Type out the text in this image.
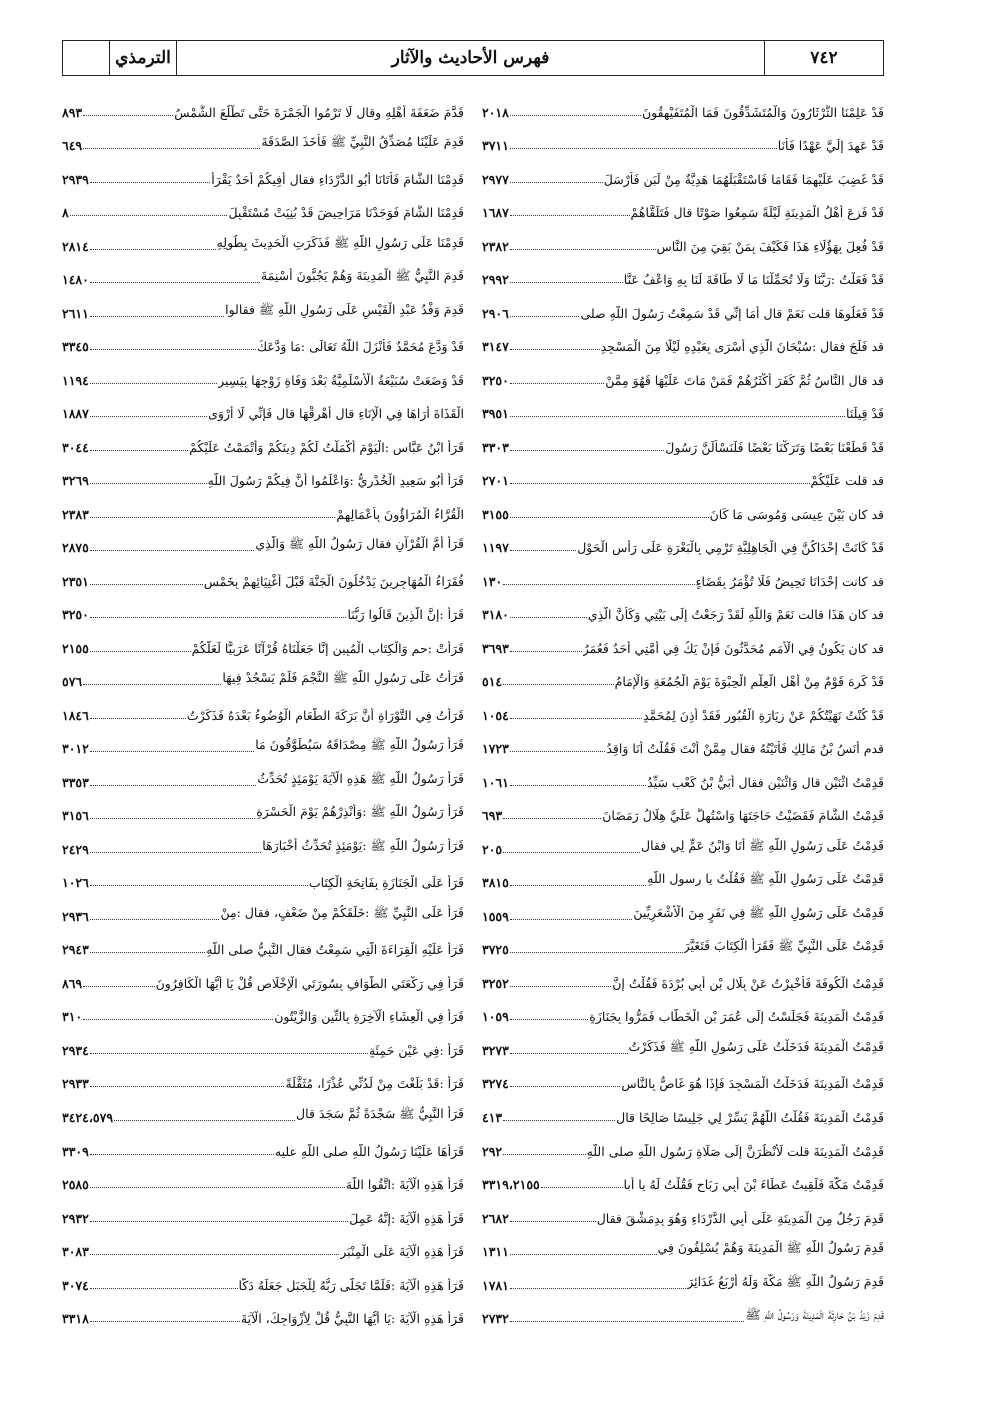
٧٤٢
فهرس الأحاديث والآثار
الترمذي
قَدْ عَلِمْنَا الثَّرْثَارُونَ وَالْمُتَشَدِّقُونَ فَمَا الْمُتَفَيْهِقُونَ
٢٠١٨
قَدْ عَهِدَ إِلَيَّ عَهْدًا فَأَنَا
٣٧١١
قَدْ غَضِبَ عَلَيْهِمَا فَقَامَا فَاسْتَقْبَلَهُمَا هَدِيَّةٌ مِنْ لَبَنٍ فَأَرْسَلَ
٢٩٧٧
قَدْ فَزِعَ أَهْلُ الْمَدِينَةِ لَيْلَةً سَمِعُوا صَوْتًا قال فَتَلَقَّاهُمْ
١٦٨٧
قَدْ فُعِلَ بِهَؤُلَاءِ هَذَا فَكَيْفَ بِمَنْ بَقِيَ مِنَ النَّاسِ
٢٣٨٢
قَدْ فَعَلْتُ :رَبَّنَا وَلَا تُحَمِّلْنَا مَا لَا طَاقَةَ لَنَا بِهِ وَاعْفُ عَنَّا
٢٩٩٢
قَدْ فَعَلُوهَا قلت نَعَمْ قال أَمَا إِنِّي قَدْ سَمِعْتُ رَسُولَ اللَّهِ صلى
٢٩٠٦
قد فَلَجَ فقال :سُبْحَانَ الَّذِي أَسْرَى بِعَبْدِهِ لَيْلًا مِنَ الْمَسْجِدِ
٣١٤٧
قد قال النَّاسُ ثُمَّ كَفَرَ أَكْثَرُهُمْ فَمَنْ مَاتَ عَلَيْهَا فَهُوَ مِمَّنْ
٣٢٥٠
قَدْ قِيلَنَا
٣٩٥١
قَدْ قَطَعْنَا بَعْضًا وَتَرَكْنَا بَعْضًا فَلَنَسْأَلَنَّ رَسُولَ
٣٣٠٣
قد قلت عَلَيْكُمْ
٢٧٠١
قد كان بَيْنَ عِيسَى وَمُوسَى مَا كَانَ
٣١٥٥
قَدْ كَانَتْ إِحْدَاكُنَّ فِي الْجَاهِلِيَّةِ تَرْمِي بِالْبَعْرَةِ عَلَى رَأْسِ الْحَوْلِ
١١٩٧
قد كانت إِحْدَانَا تَحِيضُ فَلَا تُؤْمَرُ بِقَضَاءٍ
١٣٠
قد كان هَذَا قالت نَعَمْ وَاللَّهِ لَقَدْ رَجَعْتُ إِلَى بَيْتِي وَكَأَنَّ الَّذِي
٣١٨٠
قد كان يَكُونُ فِي الْأُمَمِ مُحَدَّثُونَ فَإِنْ يَكُ فِي أُمَّتِي أَحَدٌ فَعُمَرُ
٣٦٩٣
قَدْ كَرِهَ قَوْمٌ مِنْ أَهْلِ الْعِلْمِ الْحِبْوَةَ يَوْمَ الْجُمُعَةِ وَالْإِمَامُ
٥١٤
قَدْ كُنْتُ نَهَيْتُكُمْ عَنْ زِيَارَةِ الْقُبُورِ فَقَدْ أُذِنَ لِمُحَمَّدٍ
١٠٥٤
قدم أَنَسُ بْنُ مَالِكٍ فَأَتَيْتُهُ فقال مِمَّنْ أَنْتَ فَقُلْتُ أَنَا وَاقِدُ
١٧٢٣
قَدِمْتُ اثْنَيْنِ قال وَاثْنَيْنِ فقال أُبَيُّ بْنُ كَعْبٍ سَيِّدُ
١٠٦١
قَدِمْتُ الشَّامَ فَقَضَيْتُ حَاجَتَهَا وَاسْتُهِلَّ عَلَيَّ هِلَالُ رَمَضَانَ
٦٩٣
قَدِمْتُ عَلَى رَسُولِ اللَّهِ ﷺ أَنَا وَابْنُ عَمٍّ لِي فقال
٢٠٥
قَدِمْتُ عَلَى رَسُولِ اللَّهِ ﷺ فَقُلْتُ يا رسول اللَّهِ
٣٨١٥
قَدِمْتُ عَلَى رَسُولِ اللَّهِ ﷺ فِي نَفَرٍ مِنَ الْأَشْعَرِيِّينَ
١٥٥٩
قَدِمْتُ عَلَى النَّبِيِّ ﷺ فَقَرَأَ الْكِتَابَ فَتَغَيَّرَ
٣٧٢٥
قَدِمْتُ الْكُوفَةَ فَأُخْبِرْتُ عَنْ بِلَالِ بْنِ أَبِي بُرْدَةَ فَقُلْتُ إِنَّ
٣٢٥٢
قَدِمْتُ الْمَدِينَةَ فَجَلَسْتُ إِلَى عُمَرَ بْنِ الْخَطَّابِ فَمَرُّوا بِجَنَازَةٍ
١٠٥٩
قَدِمْتُ الْمَدِينَةَ فَدَخَلْتُ عَلَى رَسُولِ اللَّهِ ﷺ فَذَكَرْتُ
٣٢٧٣
قَدِمْتُ الْمَدِينَةَ فَدَخَلْتُ الْمَسْجِدَ فَإِذَا هُوَ غَاصٌّ بِالنَّاسِ
٣٢٧٤
قَدِمْتُ الْمَدِينَةَ فَقُلْتُ اللَّهُمَّ يَسِّرْ لِي جَلِيسًا صَالِحًا قال
٤١٣
قَدِمْتُ الْمَدِينَةَ قلت لَأَنْظُرَنَّ إِلَى صَلَاةِ رَسُولِ اللَّهِ صلى اللَّهِ
٢٩٢
قَدِمْتُ مَكَّةَ فَلَقِيتُ عَطَاءَ بْنَ أَبِي رَبَاحٍ فَقُلْتُ لَهُ يا أبا
٣٣١٩،٢١٥٥
قَدِمَ رَجُلٌ مِنَ الْمَدِينَةِ عَلَى أَبِي الدَّرْدَاءِ وَهُوَ بِدِمَشْقَ فقال
٢٦٨٢
قَدِمَ رَسُولُ اللَّهِ ﷺ الْمَدِينَةَ وَهُمْ يُسْلِفُونَ فِي
١٣١١
قَدِمَ رَسُولُ اللَّهِ ﷺ مَكَّةَ وَلَهُ أَرْبَعُ غَدَائِرَ
١٧٨١
قَدِمَ زَيْدُ بْنُ حَارِثَةَ الْمَدِينَةَ وَرَسُولُ اللَّهِ ﷺ
٢٧٣٢
قَدَّمَ ضَعَفَةَ أَهْلِهِ وقال لَا تَرْمُوا الْجَمْرَةَ حَتَّى تَطْلُعَ الشَّمْسُ
٨٩٣
قَدِمَ عَلَيْنَا مُصَدِّقُ النَّبِيِّ ﷺ فَأَخَذَ الصَّدَقَةَ
٦٤٩
قَدِمْنَا الشَّامَ فَأَتَانَا أَبُو الدَّرْدَاءِ فقال أَفِيكُمْ أَحَدٌ يَقْرَأُ
٢٩٣٩
قَدِمْنَا الشَّامَ فَوَجَدْنَا مَرَاحِيضَ قَدْ بُنِيَتْ مُسْتَقْبِلَ
٨
قَدِمْنَا عَلَى رَسُولِ اللَّهِ ﷺ فَذَكَرَتِ الْحَدِيثَ بِطُولِهِ
٢٨١٤
قَدِمَ النَّبِيُّ ﷺ الْمَدِينَةَ وَهُمْ يَجُبُّونَ أَسْنِمَةَ
١٤٨٠
قَدِمَ وَفْدُ عَبْدِ الْقَيْسِ عَلَى رَسُولِ اللَّهِ ﷺ فقالوا
٢٦١١
قَدْ وَدَّعَ مُحَمَّدٌ فَأَنْزَلَ اللَّهُ تَعَالَى :مَا وَدَّعَكَ
٣٣٤٥
قَدْ وَضَعَتْ سُبَيْعَةُ الْأَسْلَمِيَّةُ بَعْدَ وَفَاةِ زَوْجِهَا بِيَسِيرٍ
١١٩٤
الْقَذَاةَ أَرَاهَا فِي الْإِنَاءِ قال أَهْرِقْهَا قال فَإِنِّي لَا أَرْوَى
١٨٨٧
قَرَأَ ابْنُ عَبَّاسٍ :الْيَوْمَ أَكْمَلْتُ لَكُمْ دِينَكُمْ وَأَتْمَمْتُ عَلَيْكُمْ
٣٠٤٤
قَرَأَ أَبُو سَعِيدٍ الْخُدْرِيُّ :وَاعْلَمُوا أَنَّ فِيكُمْ رَسُولَ اللَّهِ
٣٢٦٩
الْقُرَّاءُ الْمُرَاؤُونَ بِأَعْمَالِهِمْ
٢٣٨٣
قَرَأَ أُمَّ الْقُرْآنِ فقال رَسُولُ اللَّهِ ﷺ وَالَّذِي
٢٨٧٥
فُقَرَاءُ الْمُهَاجِرِينَ يَدْخُلُونَ الْجَنَّةَ قَبْلَ أَغْنِيَائِهِمْ بِخَمْسِ
٢٣٥١
قَرَأَ :إِنَّ الَّذِينَ قَالُوا رَبُّنَا
٣٢٥٠
قَرَأَتْ :حم وَالْكِتَابِ الْمُبِينِ إِنَّا جَعَلْنَاهُ قُرْآنًا عَرَبِيًّا لَعَلَّكُمْ
٢١٥٥
قَرَأْتُ عَلَى رَسُولِ اللَّهِ ﷺ النَّجْمَ فَلَمْ يَسْجُدْ فِيهَا
٥٧٦
قَرَأْتُ فِي التَّوْرَاةِ أَنَّ بَرَكَةَ الطَّعَامِ الْوُضُوءُ بَعْدَهُ فَذَكَرْتُ
١٨٤٦
قَرَأَ رَسُولُ اللَّهِ ﷺ مِصْدَاقَهُ سَيُطَوَّقُونَ مَا
٣٠١٢
قَرَأَ رَسُولُ اللَّهِ ﷺ هَذِهِ الْآيَةَ يَوْمَئِذٍ تُحَدِّثُ
٣٣٥٣
قَرَأَ رَسُولُ اللَّهِ ﷺ :وَأَنْذِرْهُمْ يَوْمَ الْحَسْرَةِ
٣١٥٦
قَرَأَ رَسُولُ اللَّهِ ﷺ :يَوْمَئِذٍ تُحَدِّثُ أَخْبَارَهَا
٢٤٢٩
قَرَأَ عَلَى الْجَنَازَةِ بِفَاتِحَةِ الْكِتَابِ
١٠٢٦
قَرَأَ عَلَى النَّبِيِّ ﷺ :خَلَقَكُمْ مِنْ ضَعْفٍ، فقال :مِنْ
٢٩٣٦
قَرَأَ عَلَيْهِ الْقِرَاءَةَ الَّتِي سَمِعْتُ فقال النَّبِيُّ صلى اللَّهِ
٢٩٤٣
قَرَأَ فِي رَكْعَتَيِ الطَّوَافِ بِسُورَتَيِ الْإِخْلَاصِ قُلْ يَا أَيُّهَا الْكَافِرُونَ
٨٦٩
قَرَأَ فِي الْعِشَاءِ الْآخِرَةِ بِالتِّينِ وَالزَّيْتُونِ
٣١٠
قَرَأَ :فِي عَيْنٍ حَمِئَةٍ
٢٩٣٤
قَرَأَ :قَدْ بَلَغْتَ مِنْ لَدُنِّي عُذْرًا، مُثَقَّلَةً
٢٩٣٣
قَرَأَ النَّبِيُّ ﷺ سَجْدَةً ثُمَّ سَجَدَ قال
٣٤٢٤،٥٧٩
قَرَأَهَا عَلَيْنَا رَسُولُ اللَّهِ صلى اللَّهِ عليه
٣٣٠٩
قَرَأَ هَذِهِ الْآيَةَ :اتَّقُوا اللَّهَ
٢٥٨٥
قَرَأَ هَذِهِ الْآيَةَ :إِنَّهُ عَمِلَ
٢٩٣٢
قَرَأَ هَذِهِ الْآيَةَ عَلَى الْمِنْبَرِ
٣٠٨٣
قَرَأَ هَذِهِ الْآيَةَ :فَلَمَّا تَجَلَّى رَبُّهُ لِلْجَبَلِ جَعَلَهُ دَكًّا
٣٠٧٤
قَرَأَ هَذِهِ الْآيَةَ :يَا أَيُّهَا النَّبِيُّ قُلْ لِأَزْوَاجِكَ، الْآيَةَ
٣٣١٨
